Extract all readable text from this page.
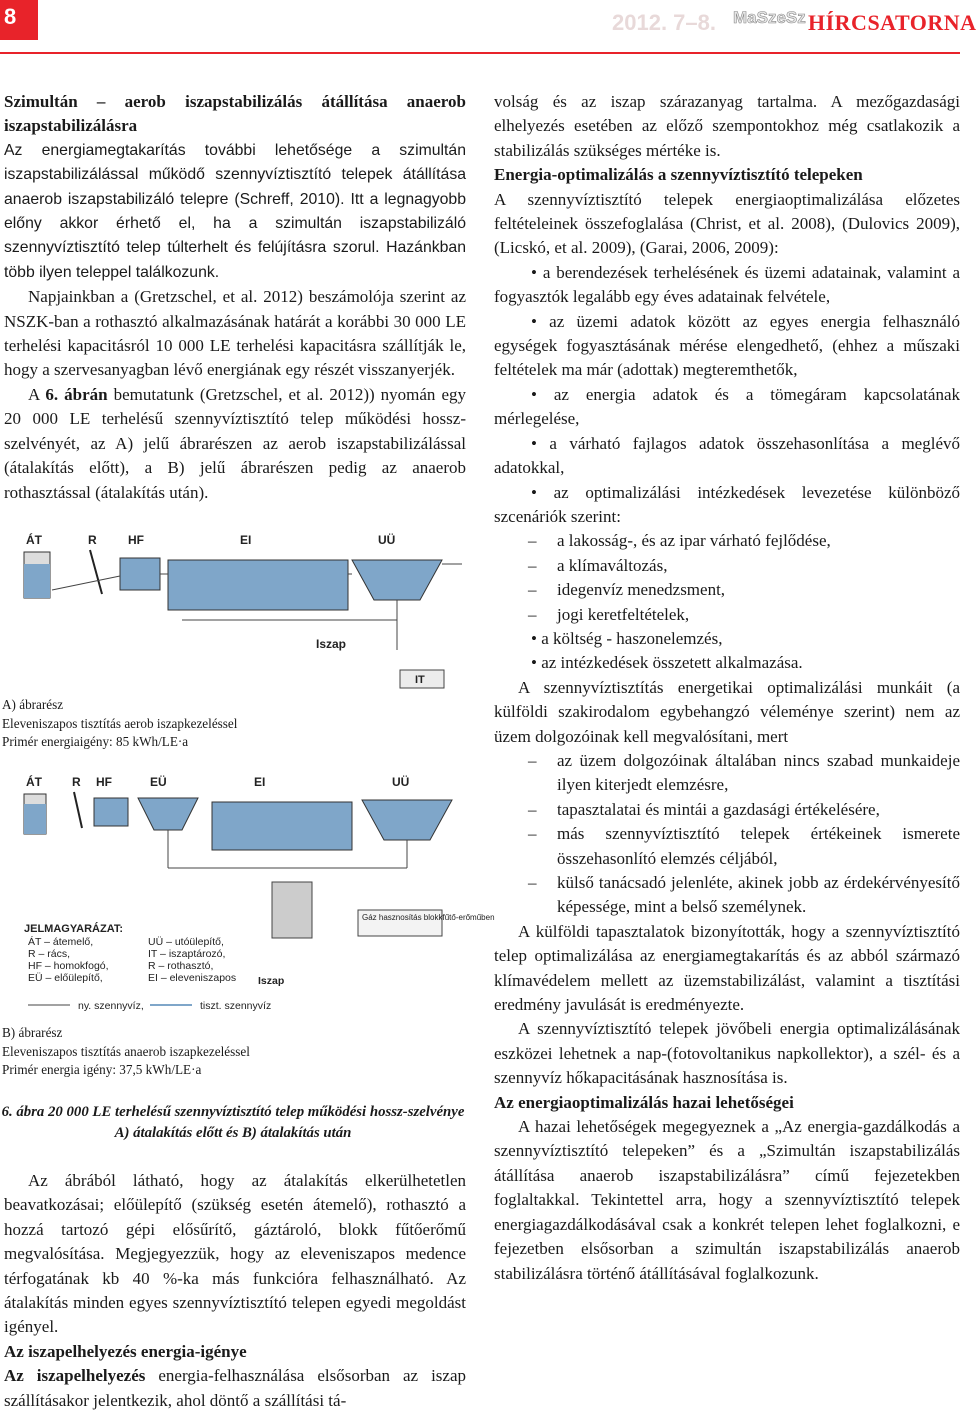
8	2012. 7–8. MaSzeSz HÍRCSATORNA

Szimultán – aerob iszapstabilizálás átállítása anaerob iszapstabilizálásra

Az energiamegtakarítás további lehetősége a szimultán iszapstabilizálással működő szennyvíztisztító telepek átállítása anaerob iszapstabilizáló telepre (Schreff, 2010). Itt a legnagyobb előny akkor érhető el, ha a szimultán iszapstabilizáló szennyvíztisztító telep túlterhelt és felújításra szorul. Hazánkban több ilyen teleppel találkozunk.

Napjainkban a (Gretzschel, et al. 2012) beszámolója szerint az NSZK-ban a rothasztó alkalmazásának határát a korábbi 30 000 LE terhelési kapacitásról 10 000 LE terhelési kapacitásra szállítják le, hogy a szervesanyagban lévő energiának egy részét visszanyerjék.

A 6. ábrán bemutatunk (Gretzschel, et al. 2012)) nyomán egy 20 000 LE terhelésű szennyvíztisztító telep működési hossz-szelvényét, az A) jelű ábrarészen az aerob iszapstabilizálással (átalakítás előtt), a B) jelű ábrarészen pedig az anaerob rothasztással (átalakítás után).

ÁT	R	HF	EI	UÜ
Iszap
IT
A) ábrarész
Eleveniszapos tisztítás aerob iszapkezeléssel
Primér energiaigény: 85 kWh/LE·a
ÁT	R HF	EÜ	EI	UÜ
Gáz hasznosítás blokkfűtő-erőműben
JELMAGYARÁZAT:
ÁT – átemelő,
R – rács,
HF – homokfogó,
EÜ – előülepítő,
UÜ – utóülepítő,
IT – iszaptározó,
R – rothasztó,
EI – eleveniszapos Iszap
ny. szennyvíz,	tiszt. szennyvíz
B) ábrarész
Eleveniszapos tisztítás anaerob iszapkezeléssel
Primér energia igény: 37,5 kWh/LE·a
6. ábra 20 000 LE terhelésű szennyvíztisztító telep működési hossz-szelvénye A) átalakítás előtt és B) átalakítás után

Az ábrából látható, hogy az átalakítás elkerülhetetlen beavatkozásai; előülepítő (szükség esetén átemelő), rothasztó a hozzá tartozó gépi elősűrítő, gáztároló, blokk fűtőerőmű megvalósítása. Megjegyezzük, hogy az eleveniszapos medence térfogatának kb 40 %-ka más funkcióra felhasználható. Az átalakítás minden egyes szennyvíztisztító telepen egyedi megoldást igényel.

Az iszapelhelyezés energia-igénye

Az iszapelhelyezés energia-felhasználása elsősorban az iszap szállításakor jelentkezik, ahol döntő a szállítási tá-

volság és az iszap szárazanyag tartalma. A mezőgazdasági elhelyezés esetében az előző szempontokhoz még csatlakozik a stabilizálás szükséges mértéke is.

Energia-optimalizálás a szennyvíztisztító telepeken

A szennyvíztisztító telepek energiaoptimalizálása előzetes feltételeinek összefoglalása (Christ, et al. 2008), (Dulovics 2009), (Licskó, et al. 2009), (Garai, 2006, 2009):

• a berendezések terhelésének és üzemi adatainak, valamint a fogyasztók legalább egy éves adatainak felvétele,

• az üzemi adatok között az egyes energia felhasználó egységek fogyasztásának mérése elengedhető, (ehhez a műszaki feltételek ma már (adottak) megteremthetők,

• az energia adatok és a tömegáram kapcsolatának mérlegelése,

• a várható fajlagos adatok összehasonlítása a meglévő adatokkal,

• az optimalizálási intézkedések levezetése különböző szcenáriók szerint:

– a lakosság-, és az ipar várható fejlődése,

– a klímaváltozás,

– idegenvíz menedzsment,

– jogi keretfeltételek,

• a költség - haszonelemzés,

• az intézkedések összetett alkalmazása.

A szennyvíztisztítás energetikai optimalizálási munkáit (a külföldi szakirodalom egybehangzó véleménye szerint) nem az üzem dolgozóinak kell megvalósítani, mert

– az üzem dolgozóinak általában nincs szabad munkaideje ilyen kiterjedt elemzésre,

– tapasztalatai és mintái a gazdasági értékelésére,

– más szennyvíztisztító telepek értékeinek ismerete összehasonlító elemzés céljából,

– külső tanácsadó jelenléte, akinek jobb az érdekérvényesítő képessége, mint a belső személynek.

A külföldi tapasztalatok bizonyították, hogy a szennyvíztisztító telep optimalizálása az energiamegtakarítás és az abból származó klímavédelem mellett az üzemstabilizálást, valamint a tisztítási eredmény javulását is eredményezte.

A szennyvíztisztító telepek jövőbeli energia optimalizálásának eszközei lehetnek a nap-(fotovoltanikus napkollektor), a szél- és a szennyvíz hőkapacitásának hasznosítása is.

Az energiaoptimalizálás hazai lehetőségei

A hazai lehetőségek megegyeznek a „Az energia-gazdálkodás a szennyvíztisztító telepeken” és a „Szimultán iszapstabilizálás átállítása anaerob iszapstabilizálásra” című fejezetekben foglaltakkal. Tekintettel arra, hogy a szennyvíztisztító telepek energiagazdálkodásával csak a konkrét telepen lehet foglalkozni, e fejezetben elsősorban a szimultán iszapstabilizálás anaerob stabilizálásra történő átállításával foglalkozunk.
